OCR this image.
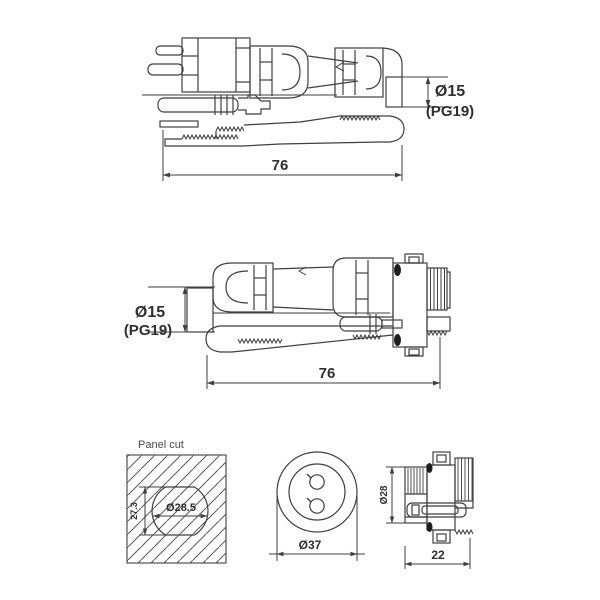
Ø15
(PG19)
76
Ø15
(PG19)
76
Panel cut
Ø28.5
27.3
Ø37
Ø28
22
